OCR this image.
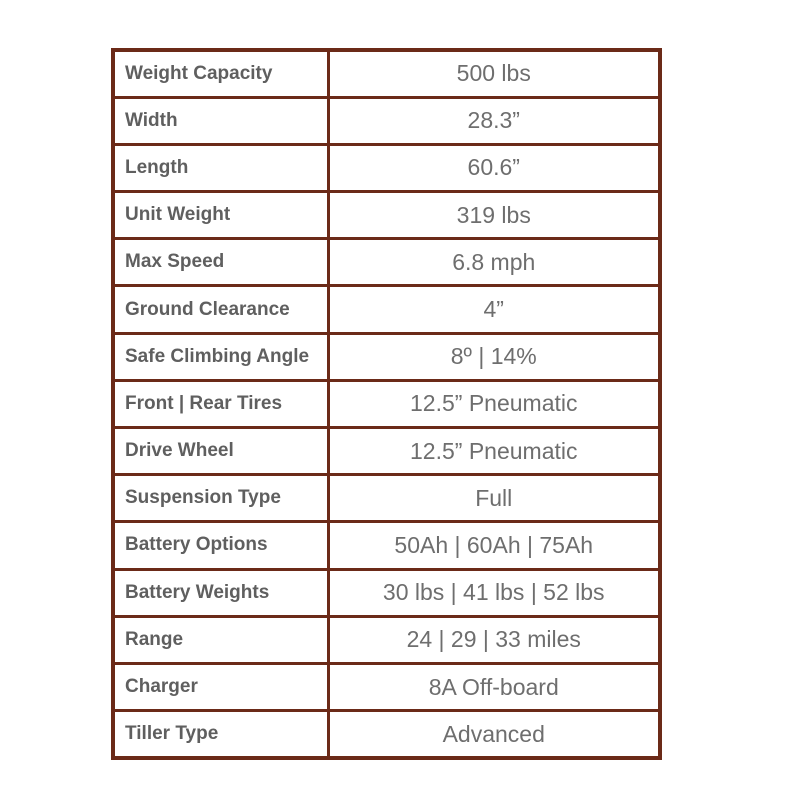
Weight Capacity	500 lbs
Width	28.3”
Length	60.6”
Unit Weight	319 lbs
Max Speed	6.8 mph
Ground Clearance	4”
Safe Climbing Angle	8º | 14%
Front | Rear Tires	12.5” Pneumatic
Drive Wheel	12.5” Pneumatic
Suspension Type	Full
Battery Options	50Ah | 60Ah | 75Ah
Battery Weights	30 lbs | 41 lbs | 52 lbs
Range	24 | 29 | 33 miles
Charger	8A Off-board
Tiller Type	Advanced
